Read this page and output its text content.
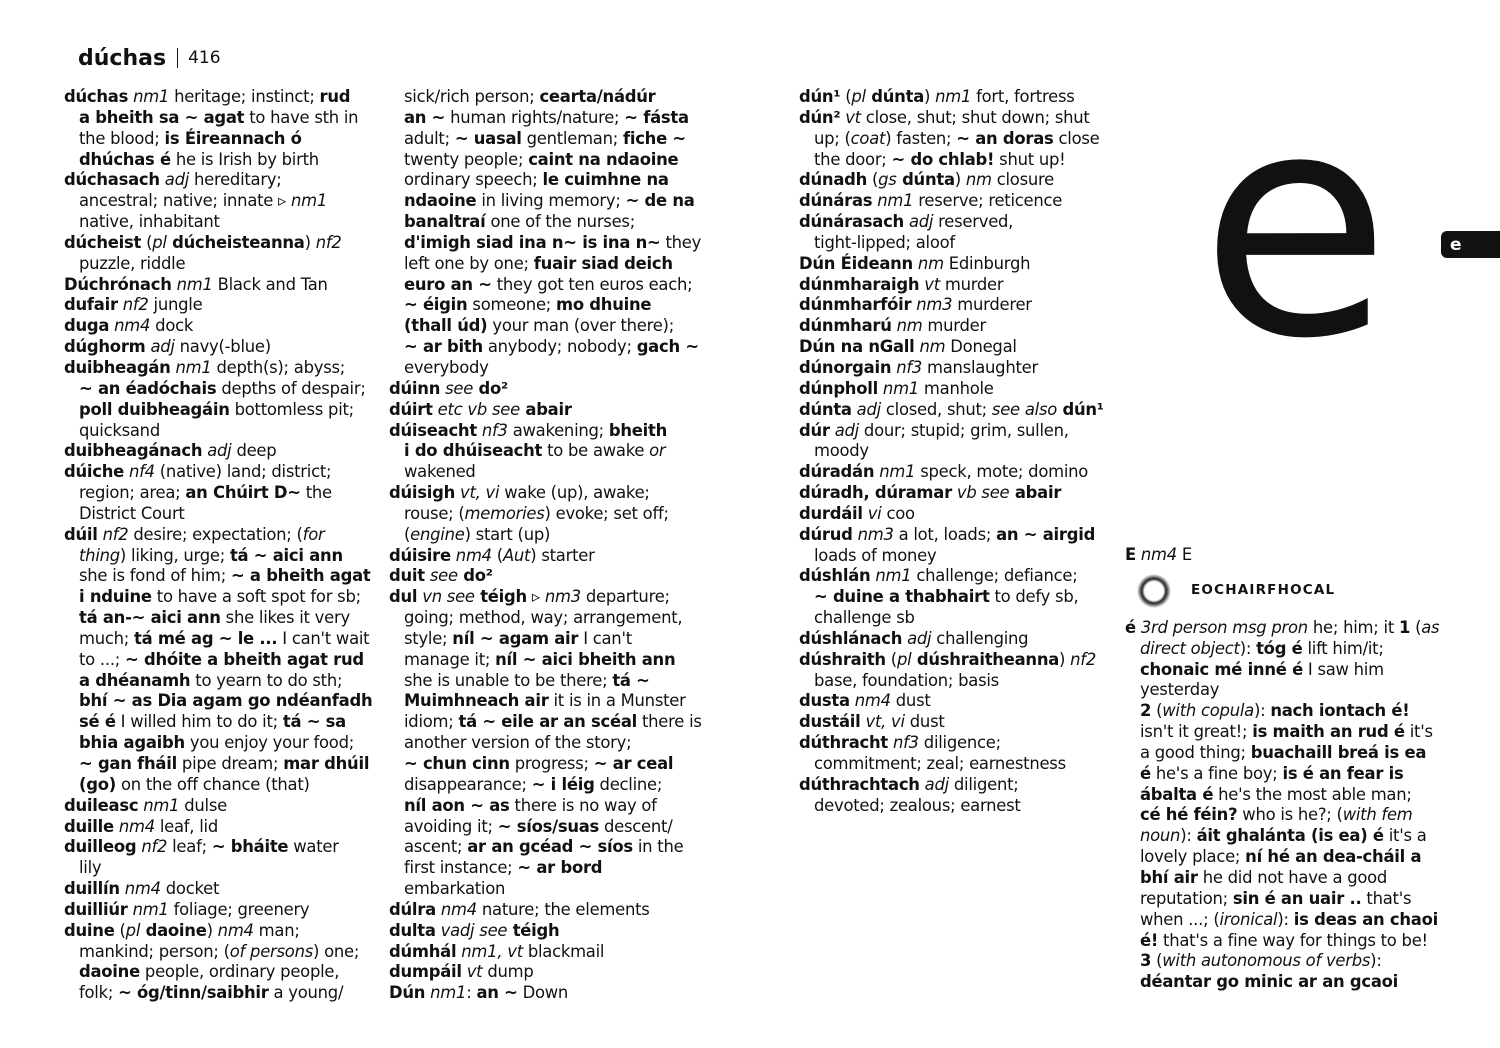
dúchas 416

dúchas nm1 heritage; instinct; rud

a bheith sa ~ agat to have sth in

the blood; is Éireannach ó

dhúchas é he is Irish by birth

dúchasach adj hereditary;

ancestral; native; innate ▹ nm1

native, inhabitant

dúcheist (pl dúcheisteanna) nf2

puzzle, riddle

Dúchrónach nm1 Black and Tan

dufair nf2 jungle

duga nm4 dock

dúghorm adj navy(-blue)

duibheagán nm1 depth(s); abyss;

~ an éadóchais depths of despair;

poll duibheagáin bottomless pit;

quicksand

duibheagánach adj deep

dúiche nf4 (native) land; district;

region; area; an Chúirt D~ the

District Court

dúil nf2 desire; expectation; (for

thing) liking, urge; tá ~ aici ann

she is fond of him; ~ a bheith agat

i nduine to have a soft spot for sb;

tá an-~ aici ann she likes it very

much; tá mé ag ~ le ... I can't wait

to ...; ~ dhóite a bheith agat rud

a dhéanamh to yearn to do sth;

bhí ~ as Dia agam go ndéanfadh

sé é I willed him to do it; tá ~ sa

bhia agaibh you enjoy your food;

~ gan fháil pipe dream; mar dhúil

(go) on the off chance (that)

duileasc nm1 dulse

duille nm4 leaf, lid

duilleog nf2 leaf; ~ bháite water

lily

duillín nm4 docket

duilliúr nm1 foliage; greenery

duine (pl daoine) nm4 man;

mankind; person; (of persons) one;

daoine people, ordinary people,

folk; ~ óg/tinn/saibhir a young/

sick/rich person; cearta/nádúr

an ~ human rights/nature; ~ fásta

adult; ~ uasal gentleman; fiche ~

twenty people; caint na ndaoine

ordinary speech; le cuimhne na

ndaoine in living memory; ~ de na

banaltraí one of the nurses;

d'imigh siad ina n~ is ina n~ they

left one by one; fuair siad deich

euro an ~ they got ten euros each;

~ éigin someone; mo dhuine

(thall úd) your man (over there);

~ ar bith anybody; nobody; gach ~

everybody

dúinn see do²

dúirt etc vb see abair

dúiseacht nf3 awakening; bheith

i do dhúiseacht to be awake or

wakened

dúisigh vt, vi wake (up), awake;

rouse; (memories) evoke; set off;

(engine) start (up)

dúisire nm4 (Aut) starter

duit see do²

dul vn see téigh ▹ nm3 departure;

going; method, way; arrangement,

style; níl ~ agam air I can't

manage it; níl ~ aici bheith ann

she is unable to be there; tá ~

Muimhneach air it is in a Munster

idiom; tá ~ eile ar an scéal there is

another version of the story;

~ chun cinn progress; ~ ar ceal

disappearance; ~ i léig decline;

níl aon ~ as there is no way of

avoiding it; ~ síos/suas descent/

ascent; ar an gcéad ~ síos in the

first instance; ~ ar bord

embarkation

dúlra nm4 nature; the elements

dulta vadj see téigh

dúmhál nm1, vt blackmail

dumpáil vt dump

Dún nm1: an ~ Down

dún¹ (pl dúnta) nm1 fort, fortress

dún² vt close, shut; shut down; shut

up; (coat) fasten; ~ an doras close

the door; ~ do chlab! shut up!

dúnadh (gs dúnta) nm closure

dúnáras nm1 reserve; reticence

dúnárasach adj reserved,

tight-lipped; aloof

Dún Éideann nm Edinburgh

dúnmharaigh vt murder

dúnmharfóir nm3 murderer

dúnmharú nm murder

Dún na nGall nm Donegal

dúnorgain nf3 manslaughter

dúnpholl nm1 manhole

dúnta adj closed, shut; see also dún¹

dúr adj dour; stupid; grim, sullen,

moody

dúradán nm1 speck, mote; domino

dúradh, dúramar vb see abair

durdáil vi coo

dúrud nm3 a lot, loads; an ~ airgid

loads of money

dúshlán nm1 challenge; defiance;

~ duine a thabhairt to defy sb,

challenge sb

dúshlánach adj challenging

dúshraith (pl dúshraitheanna) nf2

base, foundation; basis

dusta nm4 dust

dustáil vt, vi dust

dúthracht nf3 diligence;

commitment; zeal; earnestness

dúthrachtach adj diligent;

devoted; zealous; earnest

e	e

E nm4 E

EOCHAIRFHOCAL

é 3rd person msg pron he; him; it 1 (as

direct object): tóg é lift him/it;

chonaic mé inné é I saw him

yesterday

2 (with copula): nach iontach é!

isn't it great!; is maith an rud é it's

a good thing; buachaill breá is ea

é he's a fine boy; is é an fear is

ábalta é he's the most able man;

cé hé féin? who is he?; (with fem

noun): áit ghalánta (is ea) é it's a

lovely place; ní hé an dea-cháil a

bhí air he did not have a good

reputation; sin é an uair .. that's

when ...; (ironical): is deas an chaoi

é! that's a fine way for things to be!

3 (with autonomous of verbs):

déantar go minic ar an gcaoi
